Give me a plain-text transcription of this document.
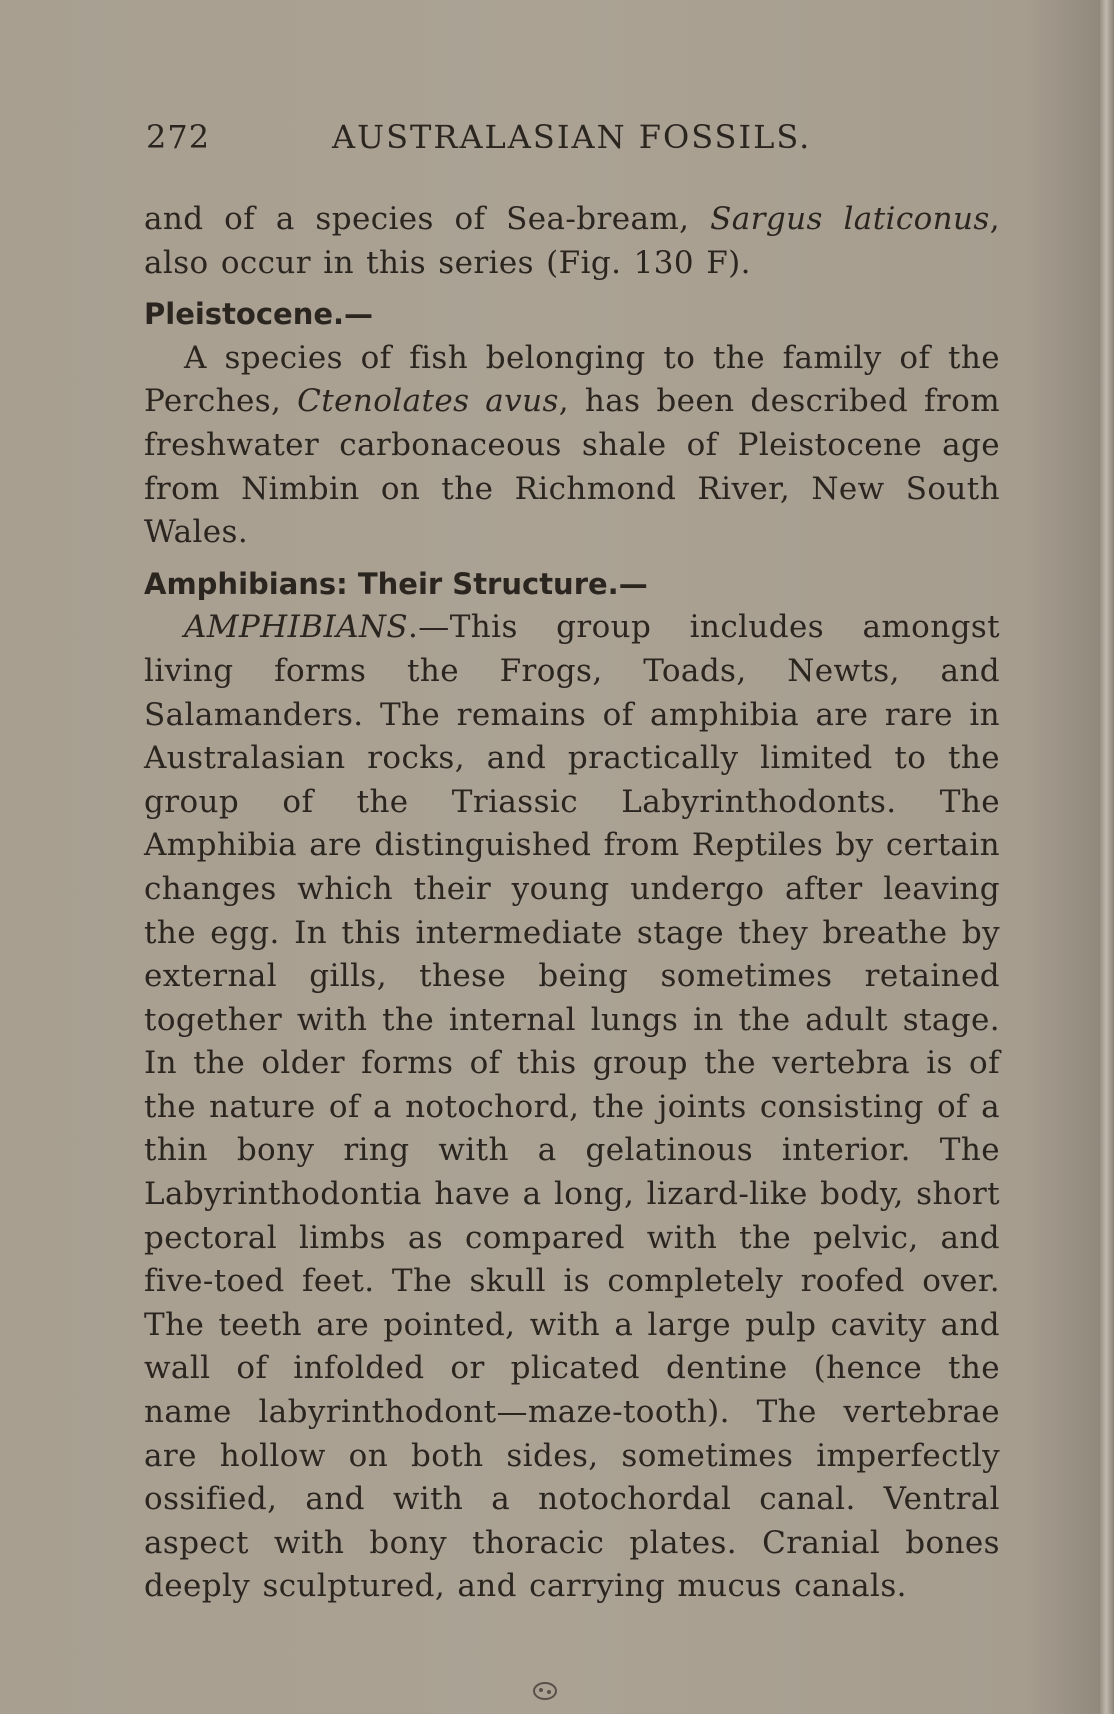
272	AUSTRALASIAN FOSSILS.

and of a species of Sea-bream, Sargus laticonus, also occur in this series (Fig. 130 F).

Pleistocene.—

A species of fish belonging to the family of the Perches, Ctenolates avus, has been described from freshwater carbonaceous shale of Pleistocene age from Nimbin on the Richmond River, New South Wales.

Amphibians: Their Structure.—

AMPHIBIANS.—This group includes amongst living forms the Frogs, Toads, Newts, and Salamanders. The remains of amphibia are rare in Australasian rocks, and practically limited to the group of the Triassic Labyrinthodonts. The Amphibia are distinguished from Reptiles by certain changes which their young undergo after leaving the egg. In this intermediate stage they breathe by external gills, these being sometimes retained together with the internal lungs in the adult stage. In the older forms of this group the vertebra is of the nature of a notochord, the joints consisting of a thin bony ring with a gelatinous interior. The Labyrinthodontia have a long, lizard-like body, short pectoral limbs as compared with the pelvic, and five-toed feet. The skull is completely roofed over. The teeth are pointed, with a large pulp cavity and wall of infolded or plicated dentine (hence the name labyrinthodont—maze-tooth). The vertebrae are hollow on both sides, sometimes imperfectly ossified, and with a notochordal canal. Ventral aspect with bony thoracic plates. Cranial bones deeply sculptured, and carrying mucus canals.
